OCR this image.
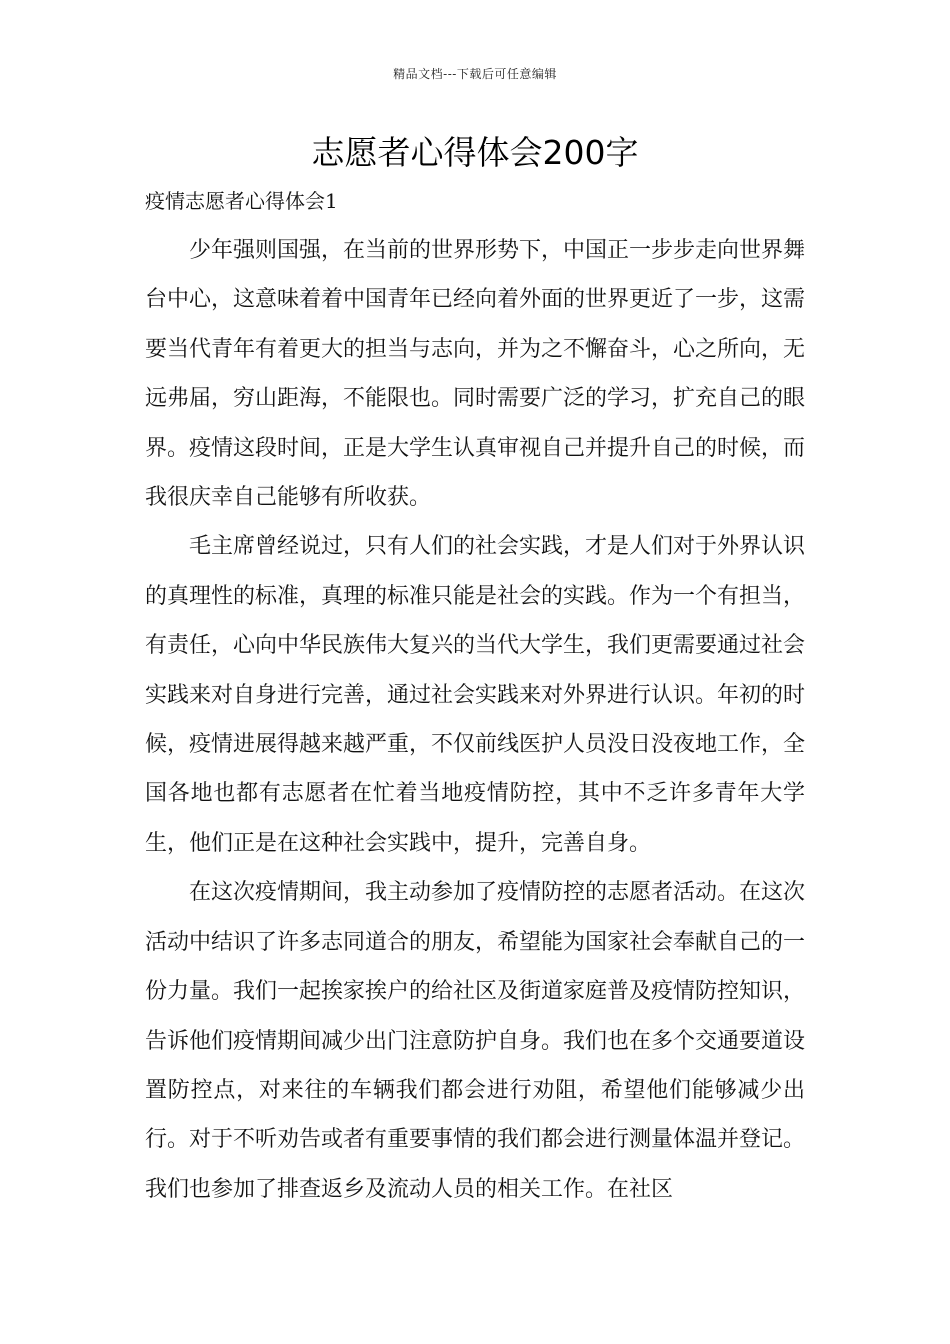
精品文档---下载后可任意编辑
志愿者心得体会200字
疫情志愿者心得体会1

少年强则国强，在当前的世界形势下，中国正一步步走向世界舞台中心，这意味着着中国青年已经向着外面的世界更近了一步，这需要当代青年有着更大的担当与志向，并为之不懈奋斗，心之所向，无远弗届，穷山距海，不能限也。同时需要广泛的学习，扩充自己的眼界。疫情这段时间，正是大学生认真审视自己并提升自己的时候，而我很庆幸自己能够有所收获。

毛主席曾经说过，只有人们的社会实践，才是人们对于外界认识的真理性的标准，真理的标准只能是社会的实践。作为一个有担当，有责任，心向中华民族伟大复兴的当代大学生，我们更需要通过社会实践来对自身进行完善，通过社会实践来对外界进行认识。年初的时候，疫情进展得越来越严重，不仅前线医护人员没日没夜地工作，全国各地也都有志愿者在忙着当地疫情防控，其中不乏许多青年大学生，他们正是在这种社会实践中，提升，完善自身。

在这次疫情期间，我主动参加了疫情防控的志愿者活动。在这次活动中结识了许多志同道合的朋友，希望能为国家社会奉献自己的一份力量。我们一起挨家挨户的给社区及街道家庭普及疫情防控知识，告诉他们疫情期间减少出门注意防护自身。我们也在多个交通要道设置防控点，对来往的车辆我们都会进行劝阻，希望他们能够减少出行。对于不听劝告或者有重要事情的我们都会进行测量体温并登记。我们也参加了排查返乡及流动人员的相关工作。在社区
